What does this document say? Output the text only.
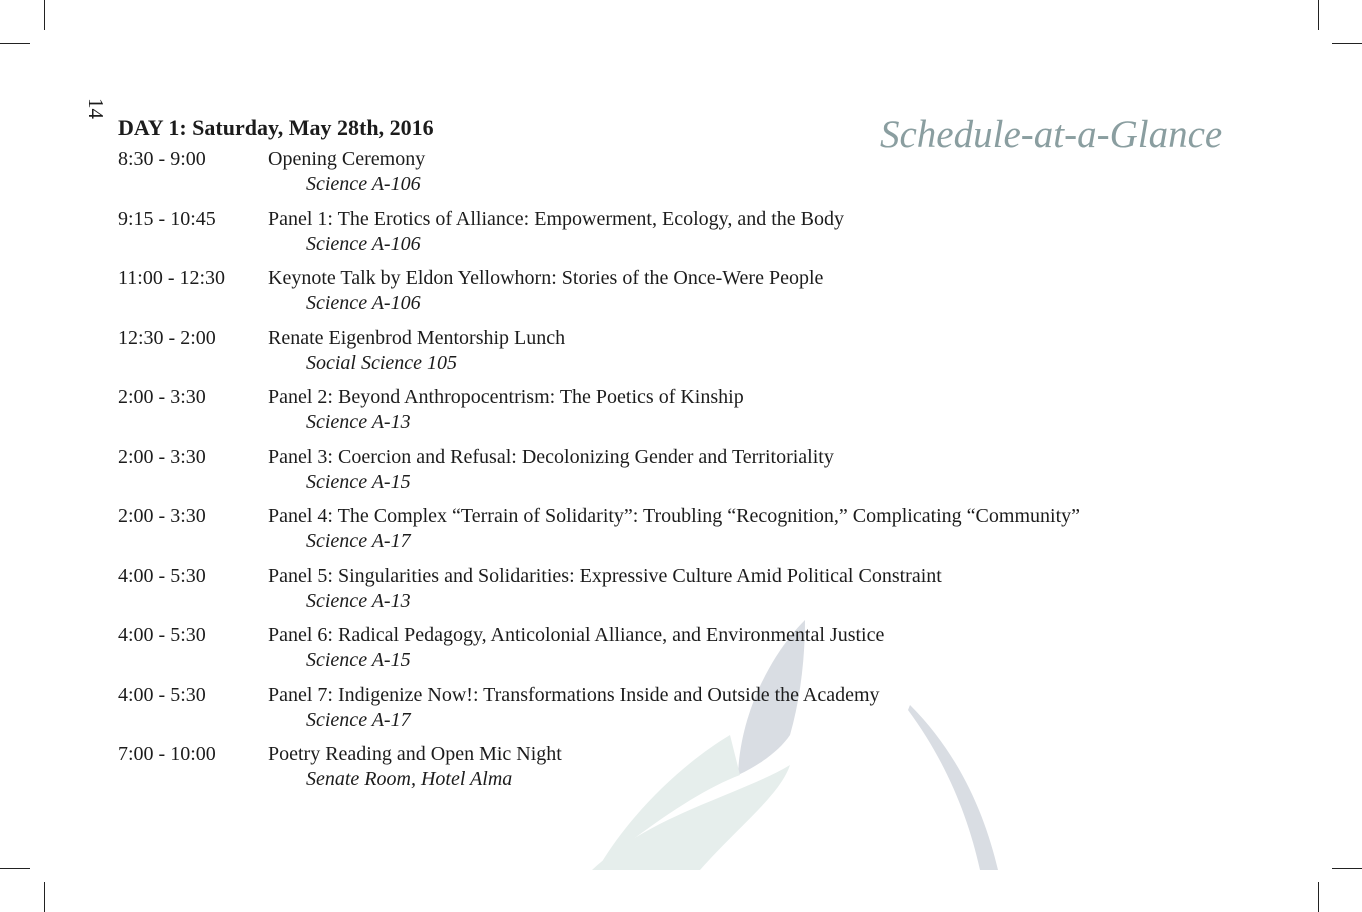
14
Schedule-at-a-Glance
DAY 1: Saturday, May 28th, 2016
8:30 - 9:00	Opening Ceremony
Science A-106
9:15 - 10:45	Panel 1: The Erotics of Alliance: Empowerment, Ecology, and the Body
Science A-106
11:00 - 12:30 Keynote Talk by Eldon Yellowhorn: Stories of the Once-Were People
Science A-106
12:30 - 2:00	Renate Eigenbrod Mentorship Lunch
Social Science 105
2:00 - 3:30	Panel 2: Beyond Anthropocentrism: The Poetics of Kinship
Science A-13
2:00 - 3:30	Panel 3: Coercion and Refusal: Decolonizing Gender and Territoriality
Science A-15
2:00 - 3:30	Panel 4: The Complex “Terrain of Solidarity”: Troubling “Recognition,” Complicating “Community”
Science A-17
4:00 - 5:30	Panel 5: Singularities and Solidarities: Expressive Culture Amid Political Constraint
Science A-13
4:00 - 5:30	Panel 6: Radical Pedagogy, Anticolonial Alliance, and Environmental Justice
Science A-15
4:00 - 5:30	Panel 7: Indigenize Now!: Transformations Inside and Outside the Academy
Science A-17
7:00 - 10:00	Poetry Reading and Open Mic Night
Senate Room, Hotel Alma
